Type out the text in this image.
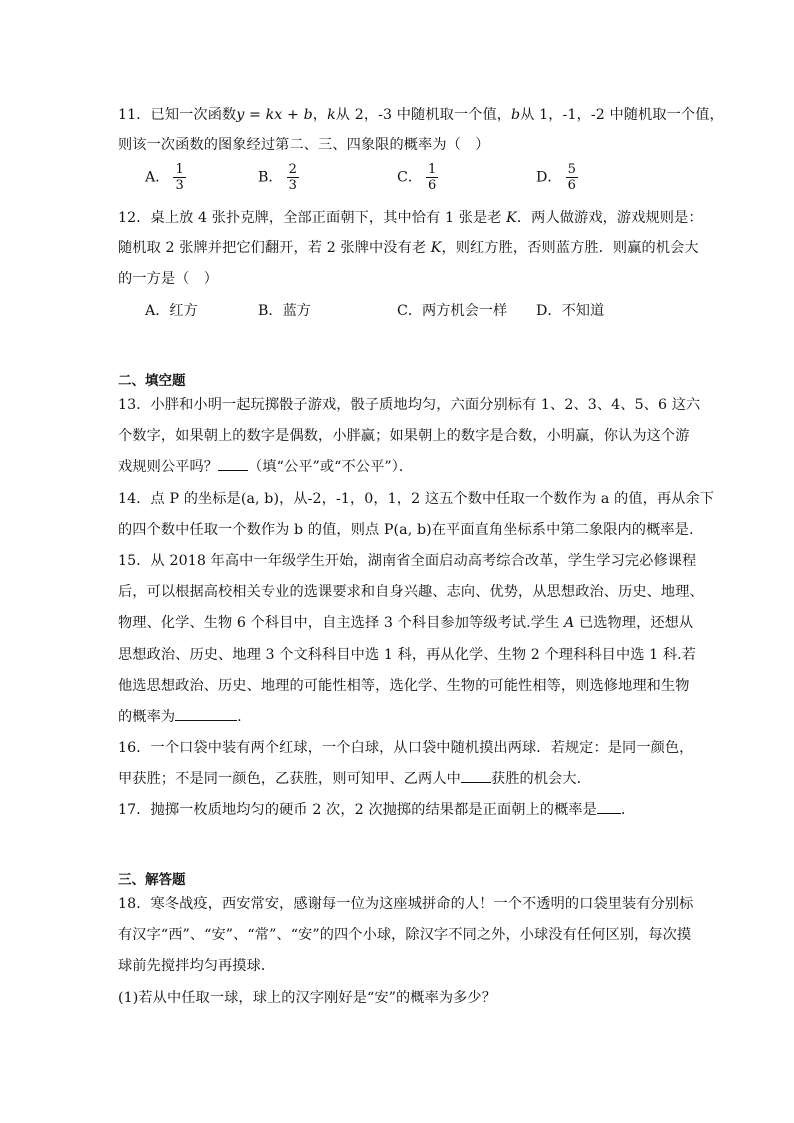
11．已知一次函数y = kx + b，k从 2，-3 中随机取一个值，b从 1，-1，-2 中随机取一个值，
则该一次函数的图象经过第二、三、四象限的概率为（　）
A． $\frac{1}{3}$	B． $\frac{2}{3}$	C． $\frac{1}{6}$	D． $\frac{5}{6}$
12．桌上放 4 张扑克牌，全部正面朝下，其中恰有 1 张是老 K．两人做游戏，游戏规则是：
随机取 2 张牌并把它们翻开，若 2 张牌中没有老 K，则红方胜，否则蓝方胜．则赢的机会大
的一方是（　）
A．红方	B．蓝方	C．两方机会一样 D．不知道
二、填空题
13．小胖和小明一起玩掷骰子游戏，骰子质地均匀，六面分别标有 1、2、3、4、5、6 这六
个数字，如果朝上的数字是偶数，小胖赢；如果朝上的数字是合数，小明赢，你认为这个游
戏规则公平吗？ （填“公平”或“不公平”）．
14．点 P 的坐标是(a, b)，从-2，-1，0，1，2 这五个数中任取一个数作为 a 的值，再从余下
的四个数中任取一个数作为 b 的值，则点 P(a, b)在平面直角坐标系中第二象限内的概率是.
15．从 2018 年高中一年级学生开始，湖南省全面启动高考综合改革，学生学习完必修课程
后，可以根据高校相关专业的选课要求和自身兴趣、志向、优势，从思想政治、历史、地理、
物理、化学、生物 6 个科目中，自主选择 3 个科目参加等级考试.学生 A 已选物理，还想从
思想政治、历史、地理 3 个文科科目中选 1 科，再从化学、生物 2 个理科科目中选 1 科.若
他选思想政治、历史、地理的可能性相等，选化学、生物的可能性相等，则选修地理和生物
的概率为	.
16．一个口袋中装有两个红球，一个白球，从口袋中随机摸出两球．若规定：是同一颜色，
甲获胜；不是同一颜色，乙获胜，则可知甲、乙两人中 获胜的机会大．
17．抛掷一枚质地均匀的硬币 2 次，2 次抛掷的结果都是正面朝上的概率是 ．
三、解答题
18．寒冬战疫，西安常安，感谢每一位为这座城拼命的人！一个不透明的口袋里装有分别标
有汉字“西”、“安”、“常”、“安”的四个小球，除汉字不同之外，小球没有任何区别，每次摸
球前先搅拌均匀再摸球．
(1)若从中任取一球，球上的汉字刚好是“安”的概率为多少？
